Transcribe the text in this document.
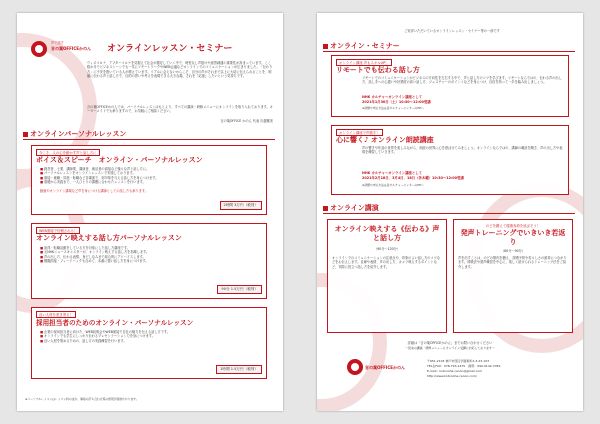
声で話す
言の葉OFFICEかのん	オンラインレッスン・セミナー
ウィズコロナ、アフターコロナを見据えて社会が激変していく中で、時差なし声掛けや意思疎通の重要性が高まっています。ここ数か月でビジネスシーンでも一気にリモートワークやWEB会議などオンラインでのコミュニケーションが広まりました。「伝わり方」に不安を抱いている人が増えています。リアルに会えないからこそ、自分の声がそれまで以上に大切に伝えられることを、明確に伝わる声と話し方で、目的の思いや考えを表現できる大きな場、それを『応援』したいという気持ちです。
言の葉OFFICEかのんでは、パーソナルレッスンはもとより、すべての講演・研修メニューにオンラインを取り入れております。オーダーメイドでも承りますので、お気軽にご相談ください。
言の葉OFFICE かのん 代表 川越雅美
オンラインパーソナルレッスン
今こそ、人の心を動かす声と話し方に
ボイス＆スピーチ　オンライン・パーソナルレッスン
■ 経営者、士業、講師業、講演者、就活者の面接など様々な声と話し方に。
■ パーソナルレッスンをオンラインレッスンで実施しております。
■ 面接・就職・昇進・転職など各場面で、好印象を与える話し方を身につけます。
■ 基礎から実践まで、一人ひとりの課題に合わせたレッスンを行います。
動画やオンライン講義など声を身につける講師としての話し方も承ります。
2時間 3万円（税別）
WEB面接で信頼される！
オンライン映えする話し方パーソナルレッスン
■ 説得・転職活動をしている方を対象にした話し方講座です。
■ 元NHKニュースキャスターが、オンライン映えする話し方を指導します。
■ 声の出し方、伝わる表情、身だしなみまで総合的にアドバイスします。
■ 模擬面接・フィードバックも含めて、本番に強い話し方を身につけます。
90分 1.5万円（税別）
良い人材を惹き寄る！
採用担当者のためのオンライン・パーソナルレッスン
■ 企業の採用担当者に向けた、WEB説明会やWEB面接で自社の魅力を伝える話し方です。
■ オンラインでも学生にしっかり伝わるプレゼンテーション力を身につけます。
■ 良い人材を集めるための、話し方の実践練習を行います。
1時間 1.5万円（税別）
※パーソナルレッスンはレッスン料のほか、事前の打ち合わせ等の費用が別途かかります。
ご好評いただいているオンラインレッスン・セミナー等の一部です
オンライン・セミナー
オンライン講座 声もスキルUP！
リモートでも伝わる話し方
リモートでのコミュニケーションがビジネスの方向性を左右する中で、声と話し方のコツを学びます。リモートならではの、伝わる声の出し方、話し手への心遣いや好感度の高い話し方、ジェスチャーのポイントなどを身につけ、自信を持って一歩を踏み出しましょう。
NHK カルチャーオンライン講座として
2021年1月30日（土）10:30～12:00受講
※詳細や申込方法は各カルチャーセンターのHPへ
オンライン講座で声磨き！
心に響く♪ オンライン朗読講座
声の響きや作品の世界を楽しみながら、朗読の世界に心を遊ばせてみましょう。オンラインならではの、講師の範読を聞き、声の出し方や表現を練習していきます。
NHK カルチャーオンライン講座として
2021年2月18日、3月4日、18日（各木曜）10:30～12:00受講
※詳細や申込方法は各カルチャーセンターのHPへ
オンライン講演
オンライン映えする《伝わる》声と話し方
（90分～120分）
オンラインでのコミュニケーションの注意点や、印象のよい話し方のコツなどをお伝えします。目線や表情、声の出し方、カメラ映えするポイントなど、実際に役立つ話し方を紹介します。
のどを鍛えて健康寿命を延ばそう！
発声トレーニングでいきいき若返り
（60分～90分）
声を出すことは、のどの筋肉を鍛え、誤嚥予防や若々しさの維持につながります。呼吸法や発声練習を中心に、楽しく続けられるトレーニング法をご紹介します。
詳細は「言の葉OFFICEかのん」までお問い合わせください
～従来の講演・研修メニューもオンライン受講に対応しております～
言の葉OFFICEかのん
〒651-2103 神戸市西区学園東町2-3-23-103
TEL＆FAX：078-793-1475　携帯：090-9142-7059
E-mail：kotonoha.canon@gmail.com
http://www.kotonoha-canon.com/
